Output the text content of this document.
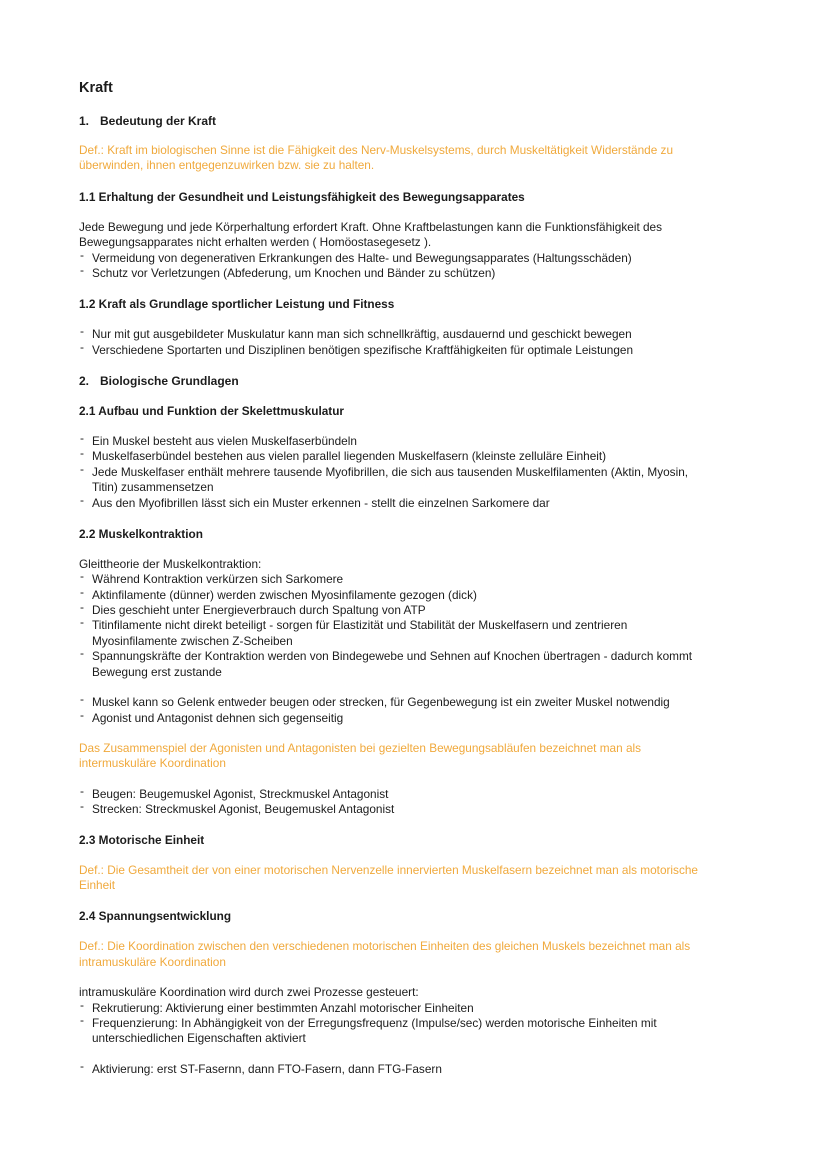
Kraft
1. Bedeutung der Kraft
Def.: Kraft im biologischen Sinne ist die Fähigkeit des Nerv-Muskelsystems, durch Muskeltätigkeit Widerstände zu
überwinden, ihnen entgegenzuwirken bzw. sie zu halten.
1.1 Erhaltung der Gesundheit und Leistungsfähigkeit des Bewegungsapparates
Jede Bewegung und jede Körperhaltung erfordert Kraft. Ohne Kraftbelastungen kann die Funktionsfähigkeit des
Bewegungsapparates nicht erhalten werden ( Homöostasegesetz ).
- Vermeidung von degenerativen Erkrankungen des Halte- und Bewegungsapparates (Haltungsschäden)
- Schutz vor Verletzungen (Abfederung, um Knochen und Bänder zu schützen)
1.2 Kraft als Grundlage sportlicher Leistung und Fitness
- Nur mit gut ausgebildeter Muskulatur kann man sich schnellkräftig, ausdauernd und geschickt bewegen
- Verschiedene Sportarten und Disziplinen benötigen spezifische Kraftfähigkeiten für optimale Leistungen
2. Biologische Grundlagen
2.1 Aufbau und Funktion der Skelettmuskulatur
- Ein Muskel besteht aus vielen Muskelfaserbündeln
- Muskelfaserbündel bestehen aus vielen parallel liegenden Muskelfasern (kleinste zelluläre Einheit)
- Jede Muskelfaser enthält mehrere tausende Myofibrillen, die sich aus tausenden Muskelfilamenten (Aktin, Myosin,
Titin) zusammensetzen
- Aus den Myofibrillen lässt sich ein Muster erkennen - stellt die einzelnen Sarkomere dar
2.2 Muskelkontraktion
Gleittheorie der Muskelkontraktion:
- Während Kontraktion verkürzen sich Sarkomere
- Aktinfilamente (dünner) werden zwischen Myosinfilamente gezogen (dick)
- Dies geschieht unter Energieverbrauch durch Spaltung von ATP
- Titinfilamente nicht direkt beteiligt - sorgen für Elastizität und Stabilität der Muskelfasern und zentrieren
Myosinfilamente zwischen Z-Scheiben
- Spannungskräfte der Kontraktion werden von Bindegewebe und Sehnen auf Knochen übertragen - dadurch kommt
Bewegung erst zustande
- Muskel kann so Gelenk entweder beugen oder strecken, für Gegenbewegung ist ein zweiter Muskel notwendig
- Agonist und Antagonist dehnen sich gegenseitig
Das Zusammenspiel der Agonisten und Antagonisten bei gezielten Bewegungsabläufen bezeichnet man als
intermuskuläre Koordination
- Beugen: Beugemuskel Agonist, Streckmuskel Antagonist
- Strecken: Streckmuskel Agonist, Beugemuskel Antagonist
2.3 Motorische Einheit
Def.: Die Gesamtheit der von einer motorischen Nervenzelle innervierten Muskelfasern bezeichnet man als motorische
Einheit
2.4 Spannungsentwicklung
Def.: Die Koordination zwischen den verschiedenen motorischen Einheiten des gleichen Muskels bezeichnet man als
intramuskuläre Koordination
intramuskuläre Koordination wird durch zwei Prozesse gesteuert:
- Rekrutierung: Aktivierung einer bestimmten Anzahl motorischer Einheiten
- Frequenzierung: In Abhängigkeit von der Erregungsfrequenz (Impulse/sec) werden motorische Einheiten mit
unterschiedlichen Eigenschaften aktiviert
- Aktivierung: erst ST-Fasernn, dann FTO-Fasern, dann FTG-Fasern
